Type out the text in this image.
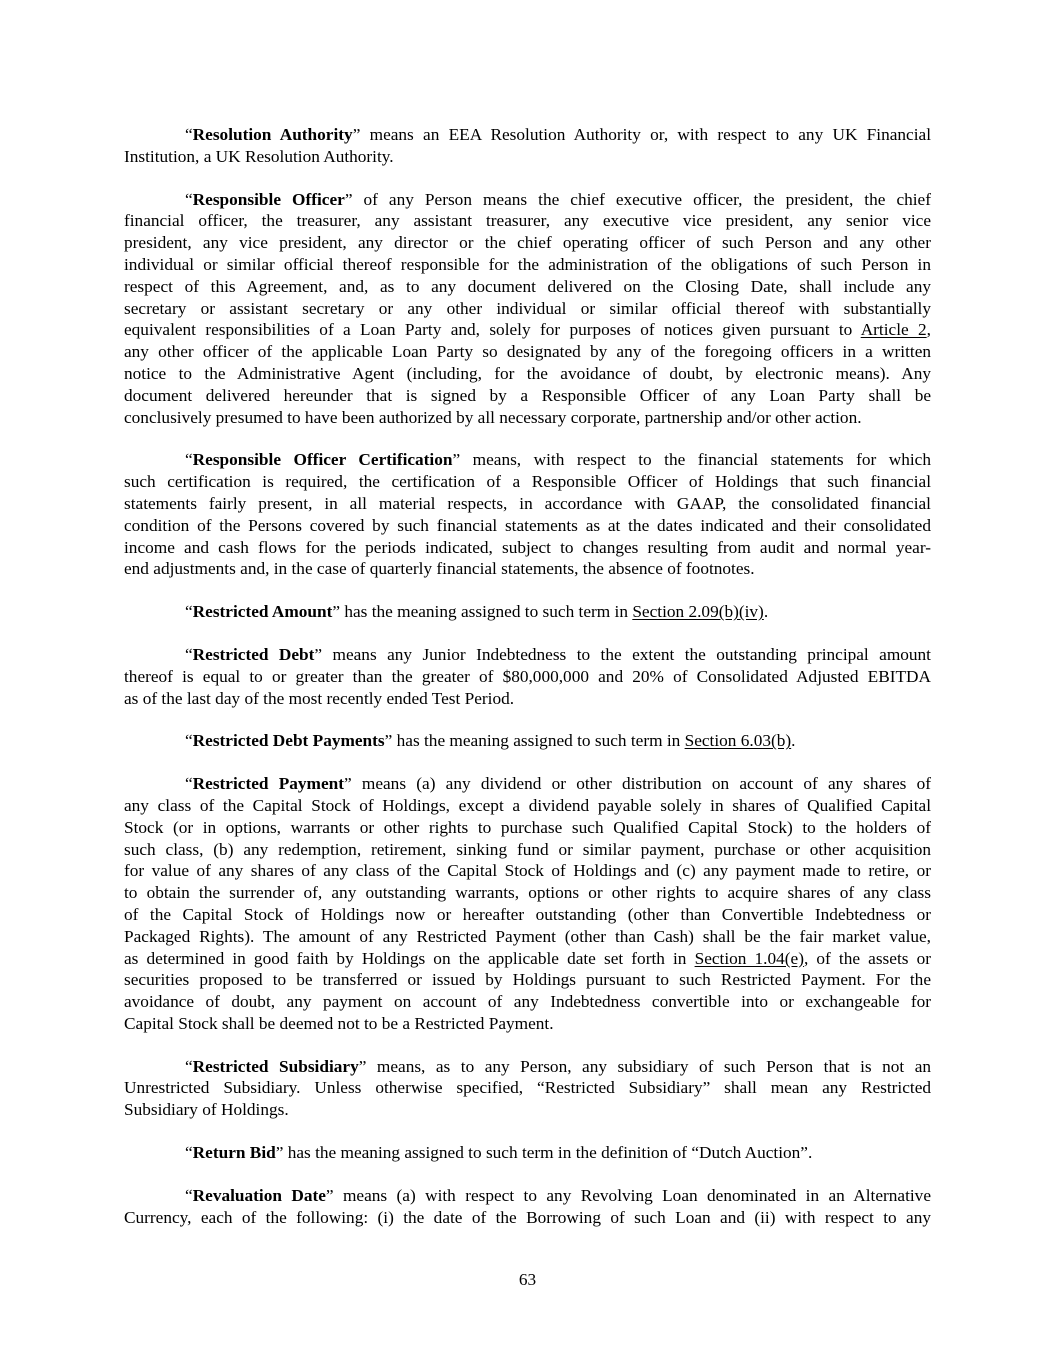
“Resolution Authority” means an EEA Resolution Authority or, with respect to any UK Financial
Institution, a UK Resolution Authority.

“Responsible Officer” of any Person means the chief executive officer, the president, the chief
financial officer, the treasurer, any assistant treasurer, any executive vice president, any senior vice
president, any vice president, any director or the chief operating officer of such Person and any other
individual or similar official thereof responsible for the administration of the obligations of such Person in
respect of this Agreement, and, as to any document delivered on the Closing Date, shall include any
secretary or assistant secretary or any other individual or similar official thereof with substantially
equivalent responsibilities of a Loan Party and, solely for purposes of notices given pursuant to Article 2,
any other officer of the applicable Loan Party so designated by any of the foregoing officers in a written
notice to the Administrative Agent (including, for the avoidance of doubt, by electronic means). Any
document delivered hereunder that is signed by a Responsible Officer of any Loan Party shall be
conclusively presumed to have been authorized by all necessary corporate, partnership and/or other action.

“Responsible Officer Certification” means, with respect to the financial statements for which
such certification is required, the certification of a Responsible Officer of Holdings that such financial
statements fairly present, in all material respects, in accordance with GAAP, the consolidated financial
condition of the Persons covered by such financial statements as at the dates indicated and their consolidated
income and cash flows for the periods indicated, subject to changes resulting from audit and normal year-
end adjustments and, in the case of quarterly financial statements, the absence of footnotes.

“Restricted Amount” has the meaning assigned to such term in Section 2.09(b)(iv).

“Restricted Debt” means any Junior Indebtedness to the extent the outstanding principal amount
thereof is equal to or greater than the greater of $80,000,000 and 20% of Consolidated Adjusted EBITDA
as of the last day of the most recently ended Test Period.

“Restricted Debt Payments” has the meaning assigned to such term in Section 6.03(b).

“Restricted Payment” means (a) any dividend or other distribution on account of any shares of
any class of the Capital Stock of Holdings, except a dividend payable solely in shares of Qualified Capital
Stock (or in options, warrants or other rights to purchase such Qualified Capital Stock) to the holders of
such class, (b) any redemption, retirement, sinking fund or similar payment, purchase or other acquisition
for value of any shares of any class of the Capital Stock of Holdings and (c) any payment made to retire, or
to obtain the surrender of, any outstanding warrants, options or other rights to acquire shares of any class
of the Capital Stock of Holdings now or hereafter outstanding (other than Convertible Indebtedness or
Packaged Rights). The amount of any Restricted Payment (other than Cash) shall be the fair market value,
as determined in good faith by Holdings on the applicable date set forth in Section 1.04(e), of the assets or
securities proposed to be transferred or issued by Holdings pursuant to such Restricted Payment. For the
avoidance of doubt, any payment on account of any Indebtedness convertible into or exchangeable for
Capital Stock shall be deemed not to be a Restricted Payment.

“Restricted Subsidiary” means, as to any Person, any subsidiary of such Person that is not an
Unrestricted Subsidiary. Unless otherwise specified, “Restricted Subsidiary” shall mean any Restricted
Subsidiary of Holdings.

“Return Bid” has the meaning assigned to such term in the definition of “Dutch Auction”.

“Revaluation Date” means (a) with respect to any Revolving Loan denominated in an Alternative
Currency, each of the following: (i) the date of the Borrowing of such Loan and (ii) with respect to any

63
